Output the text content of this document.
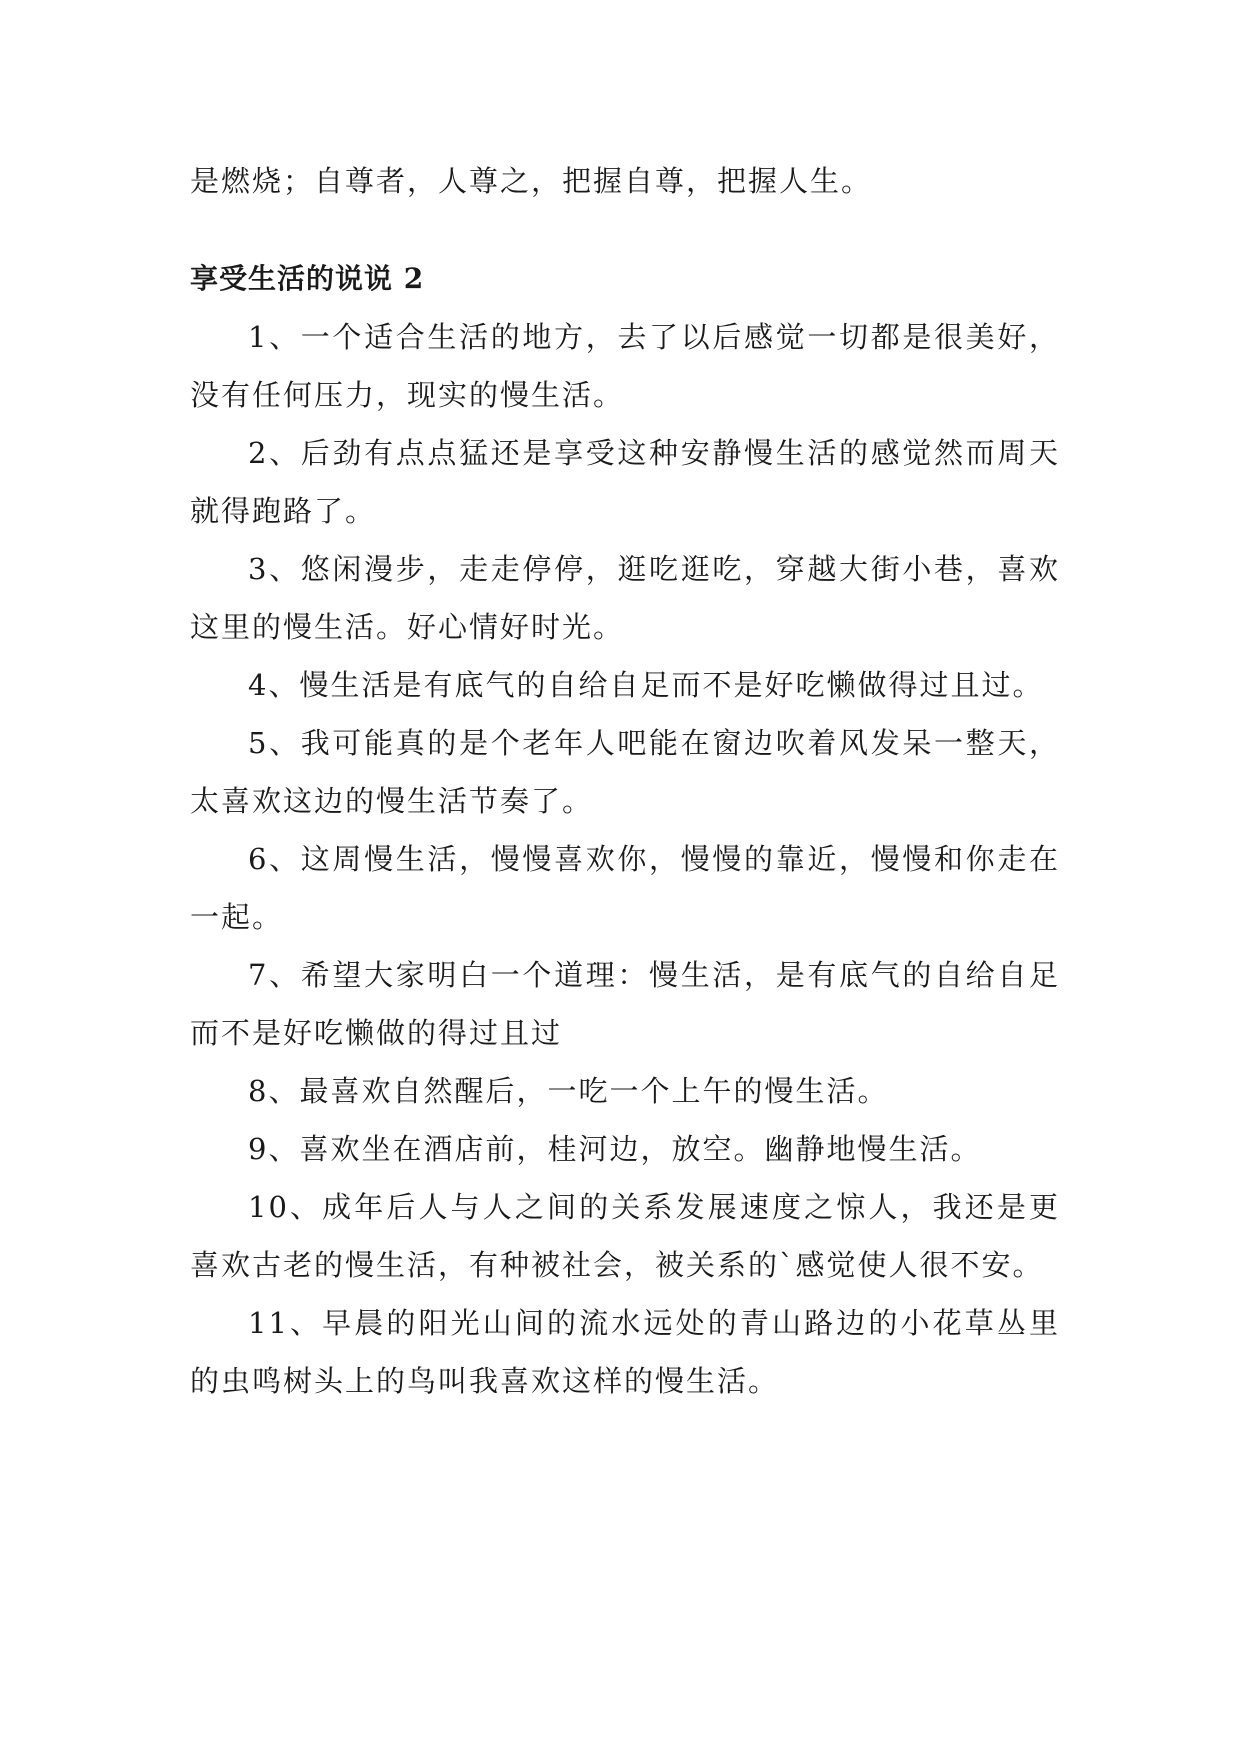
是燃烧；自尊者，人尊之，把握自尊，把握人生。

享受生活的说说 2

1、一个适合生活的地方，去了以后感觉一切都是很美好，没有任何压力，现实的慢生活。

2、后劲有点点猛还是享受这种安静慢生活的感觉然而周天就得跑路了。

3、悠闲漫步，走走停停，逛吃逛吃，穿越大街小巷，喜欢这里的慢生活。好心情好时光。

4、慢生活是有底气的自给自足而不是好吃懒做得过且过。

5、我可能真的是个老年人吧能在窗边吹着风发呆一整天，太喜欢这边的慢生活节奏了。

6、这周慢生活，慢慢喜欢你，慢慢的靠近，慢慢和你走在一起。

7、希望大家明白一个道理：慢生活，是有底气的自给自足而不是好吃懒做的得过且过

8、最喜欢自然醒后，一吃一个上午的慢生活。

9、喜欢坐在酒店前，桂河边，放空。幽静地慢生活。

10、成年后人与人之间的关系发展速度之惊人，我还是更喜欢古老的慢生活，有种被社会，被关系的`感觉使人很不安。

11、早晨的阳光山间的流水远处的青山路边的小花草丛里的虫鸣树头上的鸟叫我喜欢这样的慢生活。
